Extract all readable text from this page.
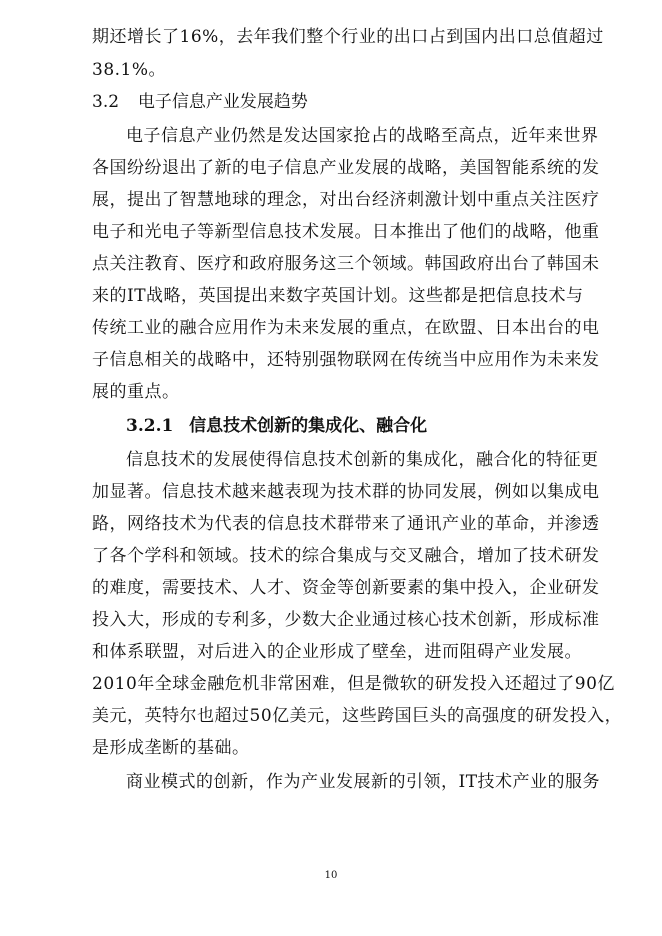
期还增长了16%，去年我们整个行业的出口占到国内出口总值超过
38.1%。
3.2 电子信息产业发展趋势
电子信息产业仍然是发达国家抢占的战略至高点，近年来世界
各国纷纷退出了新的电子信息产业发展的战略，美国智能系统的发
展，提出了智慧地球的理念，对出台经济刺激计划中重点关注医疗
电子和光电子等新型信息技术发展。日本推出了他们的战略，他重
点关注教育、医疗和政府服务这三个领域。韩国政府出台了韩国未
来的IT战略，英国提出来数字英国计划。这些都是把信息技术与
传统工业的融合应用作为未来发展的重点，在欧盟、日本出台的电
子信息相关的战略中，还特别强物联网在传统当中应用作为未来发
展的重点。
3.2.1 信息技术创新的集成化、融合化
信息技术的发展使得信息技术创新的集成化，融合化的特征更
加显著。信息技术越来越表现为技术群的协同发展，例如以集成电
路，网络技术为代表的信息技术群带来了通讯产业的革命，并渗透
了各个学科和领域。技术的综合集成与交叉融合，增加了技术研发
的难度，需要技术、人才、资金等创新要素的集中投入，企业研发
投入大，形成的专利多，少数大企业通过核心技术创新，形成标准
和体系联盟，对后进入的企业形成了壁垒，进而阻碍产业发展。
2010年全球金融危机非常困难，但是微软的研发投入还超过了90亿
美元，英特尔也超过50亿美元，这些跨国巨头的高强度的研发投入，
是形成垄断的基础。
商业模式的创新，作为产业发展新的引领，IT技术产业的服务
10
